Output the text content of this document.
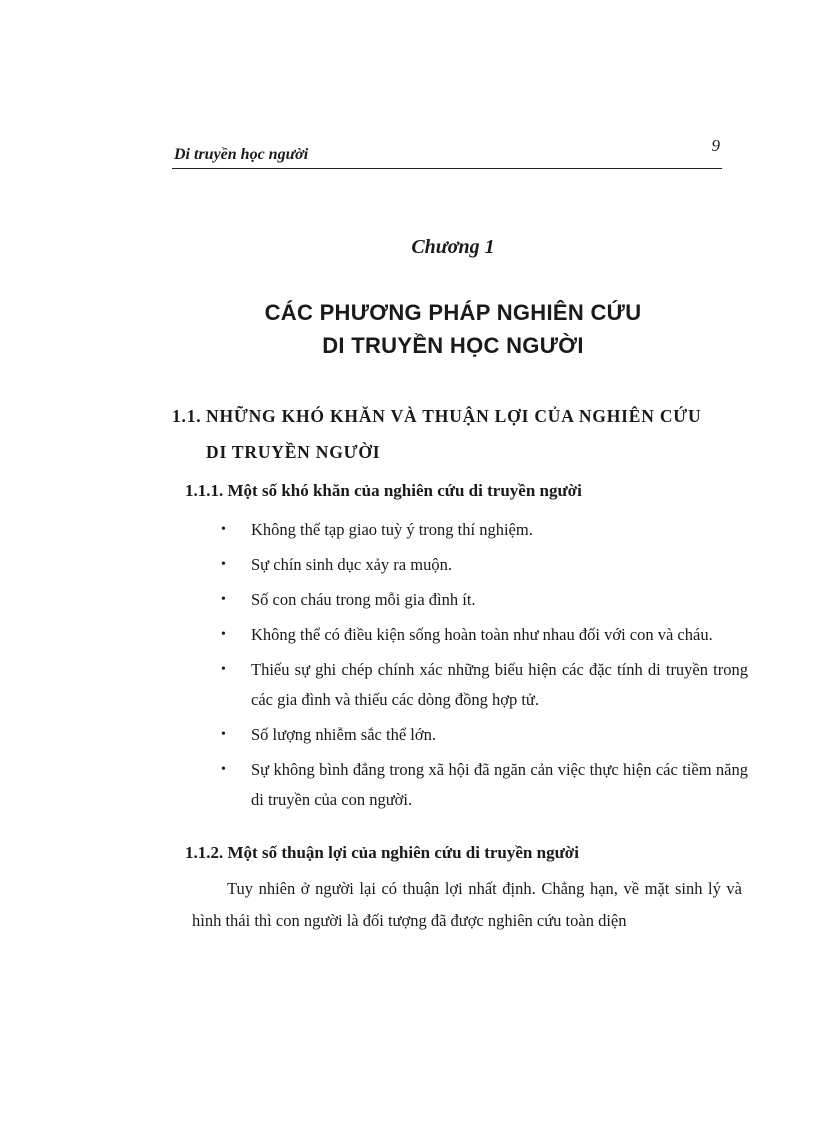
Di truyền học người	9
Chương 1
CÁC PHƯƠNG PHÁP NGHIÊN CỨU
DI TRUYỀN HỌC NGƯỜI
1.1. NHỮNG KHÓ KHĂN VÀ THUẬN LỢI CỦA NGHIÊN CỨU
DI TRUYỀN NGƯỜI
1.1.1. Một số khó khăn của nghiên cứu di truyền người
• Không thể tạp giao tuỳ ý trong thí nghiệm.
• Sự chín sinh dục xảy ra muộn.
• Số con cháu trong mỗi gia đình ít.
• Không thể có điều kiện sống hoàn toàn như nhau đối với con và cháu.
• Thiếu sự ghi chép chính xác những biểu hiện các đặc tính di truyền trong các gia đình và thiếu các dòng đồng hợp tử.
• Số lượng nhiễm sắc thể lớn.
• Sự không bình đẳng trong xã hội đã ngăn cản việc thực hiện các tiềm năng di truyền của con người.
1.1.2. Một số thuận lợi của nghiên cứu di truyền người

Tuy nhiên ở người lại có thuận lợi nhất định. Chẳng hạn, về mặt sinh lý và hình thái thì con người là đối tượng đã được nghiên cứu toàn diện
